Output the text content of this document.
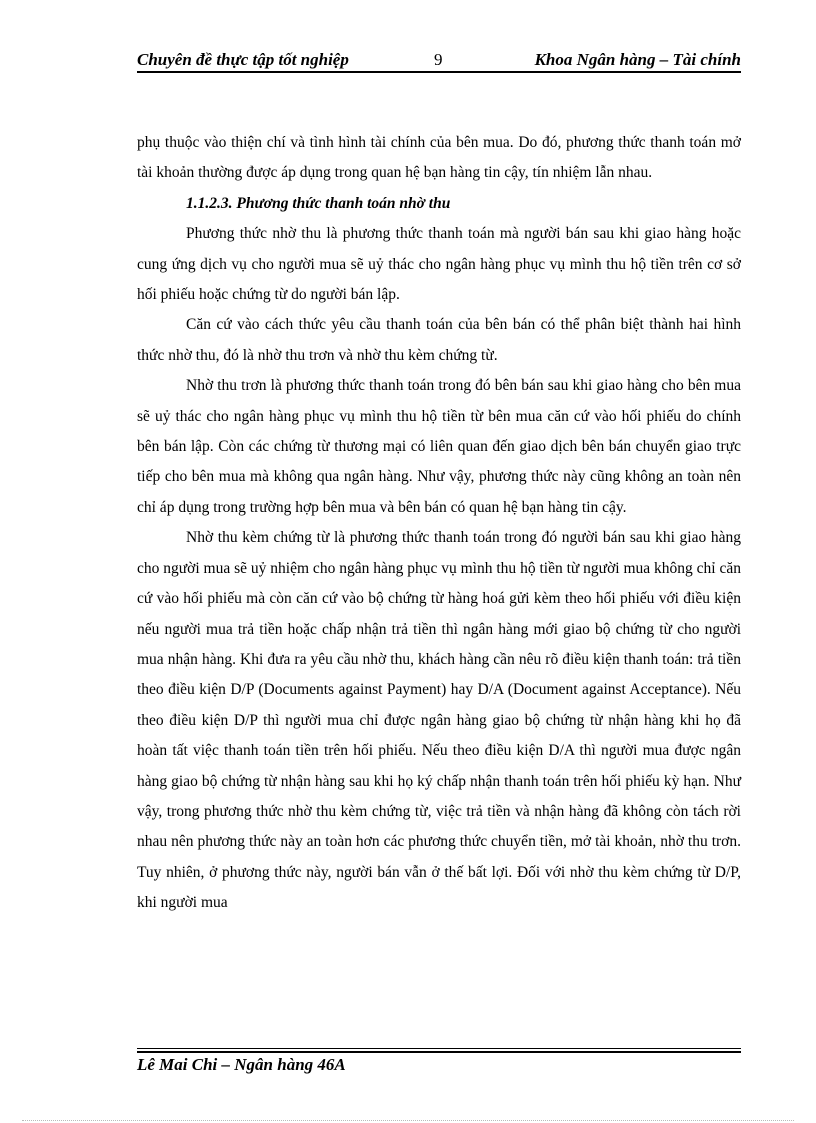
Chuyên đề thực tập tốt nghiệp	9	Khoa Ngân hàng – Tài chính

phụ thuộc vào thiện chí và tình hình tài chính của bên mua. Do đó, phương thức thanh toán mở tài khoản thường được áp dụng trong quan hệ bạn hàng tin cậy, tín nhiệm lẫn nhau.

1.1.2.3. Phương thức thanh toán nhờ thu

Phương thức nhờ thu là phương thức thanh toán mà người bán sau khi giao hàng hoặc cung ứng dịch vụ cho người mua sẽ uỷ thác cho ngân hàng phục vụ mình thu hộ tiền trên cơ sở hối phiếu hoặc chứng từ do người bán lập.

Căn cứ vào cách thức yêu cầu thanh toán của bên bán có thể phân biệt thành hai hình thức nhờ thu, đó là nhờ thu trơn và nhờ thu kèm chứng từ.

Nhờ thu trơn là phương thức thanh toán trong đó bên bán sau khi giao hàng cho bên mua sẽ uỷ thác cho ngân hàng phục vụ mình thu hộ tiền từ bên mua căn cứ vào hối phiếu do chính bên bán lập. Còn các chứng từ thương mại có liên quan đến giao dịch bên bán chuyển giao trực tiếp cho bên mua mà không qua ngân hàng. Như vậy, phương thức này cũng không an toàn nên chỉ áp dụng trong trường hợp bên mua và bên bán có quan hệ bạn hàng tin cậy.

Nhờ thu kèm chứng từ là phương thức thanh toán trong đó người bán sau khi giao hàng cho người mua sẽ uỷ nhiệm cho ngân hàng phục vụ mình thu hộ tiền từ người mua không chỉ căn cứ vào hối phiếu mà còn căn cứ vào bộ chứng từ hàng hoá gửi kèm theo hối phiếu với điều kiện nếu người mua trả tiền hoặc chấp nhận trả tiền thì ngân hàng mới giao bộ chứng từ cho người mua nhận hàng. Khi đưa ra yêu cầu nhờ thu, khách hàng cần nêu rõ điều kiện thanh toán: trả tiền theo điều kiện D/P (Documents against Payment) hay D/A (Document against Acceptance). Nếu theo điều kiện D/P thì người mua chỉ được ngân hàng giao bộ chứng từ nhận hàng khi họ đã hoàn tất việc thanh toán tiền trên hối phiếu. Nếu theo điều kiện D/A thì người mua được ngân hàng giao bộ chứng từ nhận hàng sau khi họ ký chấp nhận thanh toán trên hối phiếu kỳ hạn. Như vậy, trong phương thức nhờ thu kèm chứng từ, việc trả tiền và nhận hàng đã không còn tách rời nhau nên phương thức này an toàn hơn các phương thức chuyển tiền, mở tài khoản, nhờ thu trơn. Tuy nhiên, ở phương thức này, người bán vẫn ở thế bất lợi. Đối với nhờ thu kèm chứng từ D/P, khi người mua

Lê Mai Chi – Ngân hàng 46A
